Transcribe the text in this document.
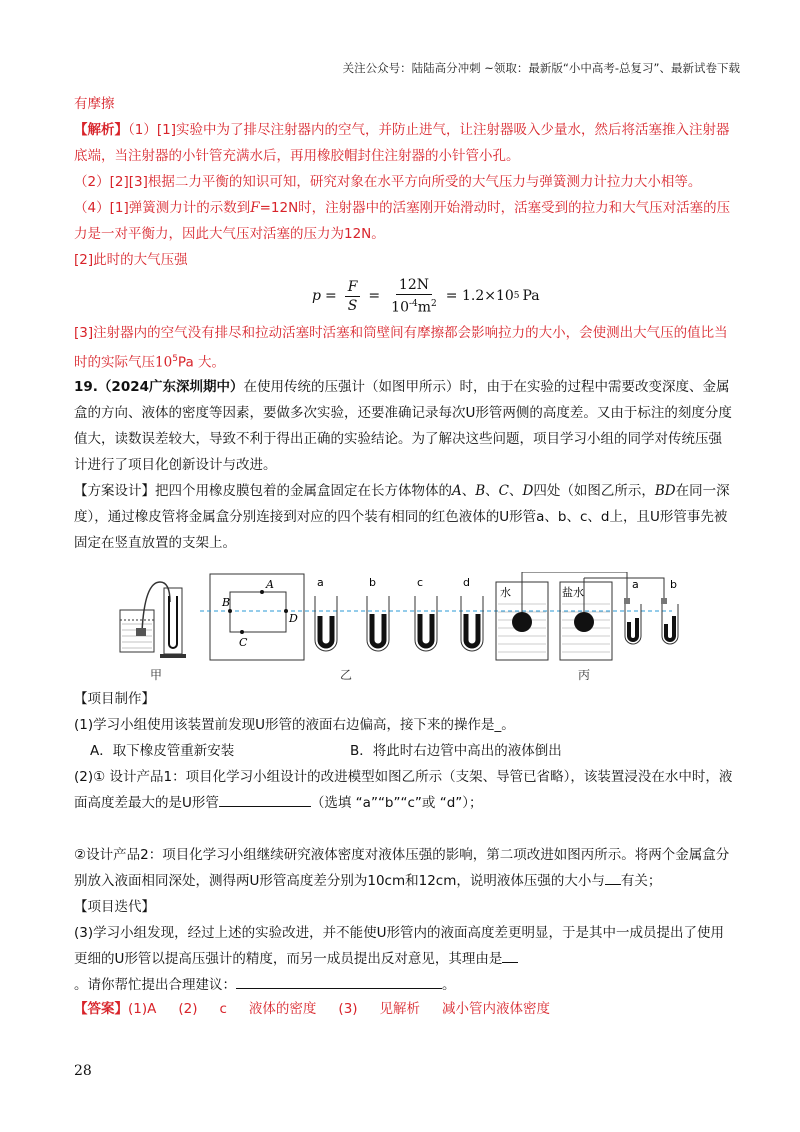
关注公众号：陆陆高分冲刺 ~领取：最新版“小中高考-总复习”、最新试卷下载
有摩擦
【解析】（1）[1]实验中为了排尽注射器内的空气，并防止进气，让注射器吸入少量水，然后将活塞推入注射器底端，当注射器的小针管充满水后，再用橡胶帽封住注射器的小针管小孔。
（2）[2][3]根据二力平衡的知识可知，研究对象在水平方向所受的大气压力与弹簧测力计拉力大小相等。
（4）[1]弹簧测力计的示数到F=12N时，注射器中的活塞刚开始滑动时，活塞受到的拉力和大气压对活塞的压力是一对平衡力，因此大气压对活塞的压力为12N。
[2]此时的大气压强
$p = \frac{F}{S} = \frac{12N}{10^{-4}m^2} = 1.2\times 10$ 5 Pa
[3]注射器内的空气没有排尽和拉动活塞时活塞和筒壁间有摩擦都会影响拉力的大小，会使测出大气压的值比当时的实际气压$10^5Pa$ 大。
19.（2024广东深圳期中）在使用传统的压强计（如图甲所示）时，由于在实验的过程中需要改变深度、金属盒的方向、液体的密度等因素，要做多次实验，还要准确记录每次U形管两侧的高度差。又由于标注的刻度分度值大，读数误差较大，导致不利于得出正确的实验结论。为了解决这些问题，项目学习小组的同学对传统压强计进行了项目化创新设计与改进。
【方案设计】把四个用橡皮膜包着的金属盒固定在长方体物体的A、B、C、D四处（如图乙所示，BD在同一深度），通过橡皮管将金属盒分别连接到对应的四个装有相同的红色液体的U形管a、b、c、d上，且U形管事先被固定在竖直放置的支架上。
A
B
D
C
a	b	c	d
水	盐水
a	b
甲	乙	丙
【项目制作】
(1)学习小组使用该装置前发现U形管的液面右边偏高，接下来的操作是_。
A．取下橡皮管重新安装	B．将此时右边管中高出的液体倒出
(2)① 设计产品1：项目化学习小组设计的改进模型如图乙所示（支架、导管已省略），该装置浸没在水中时，液面高度差最大的是U形管	（选填 “a”“b”“c”或 “d”）；
②设计产品2：项目化学习小组继续研究液体密度对液体压强的影响，第二项改进如图丙所示。将两个金属盒分别放入液面相同深处，测得两U形管高度差分别为10cm和12cm，说明液体压强的大小与 有关；
【项目迭代】
(3)学习小组发现，经过上述的实验改进，并不能使U形管内的液面高度差更明显，于是其中一成员提出了使用更细的U形管以提高压强计的精度，而另一成员提出反对意见，其理由是
。请你帮忙提出合理建议：	。
【答案】(1)A (2) c 液体的密度 (3) 见解析 减小管内液体密度
28
